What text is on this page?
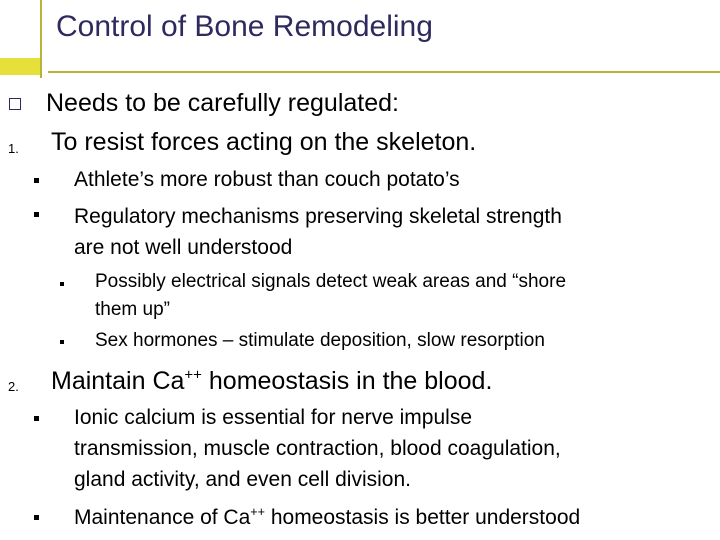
Control of Bone Remodeling
Needs to be carefully regulated:
1. To resist forces acting on the skeleton.
Athlete’s more robust than couch potato’s
Regulatory mechanisms preserving skeletal strength
are not well understood
Possibly electrical signals detect weak areas and “shore
them up”
Sex hormones – stimulate deposition, slow resorption
2. Maintain Ca++ homeostasis in the blood.
Ionic calcium is essential for nerve impulse
transmission, muscle contraction, blood coagulation,
gland activity, and even cell division.
Maintenance of Ca++ homeostasis is better understood
